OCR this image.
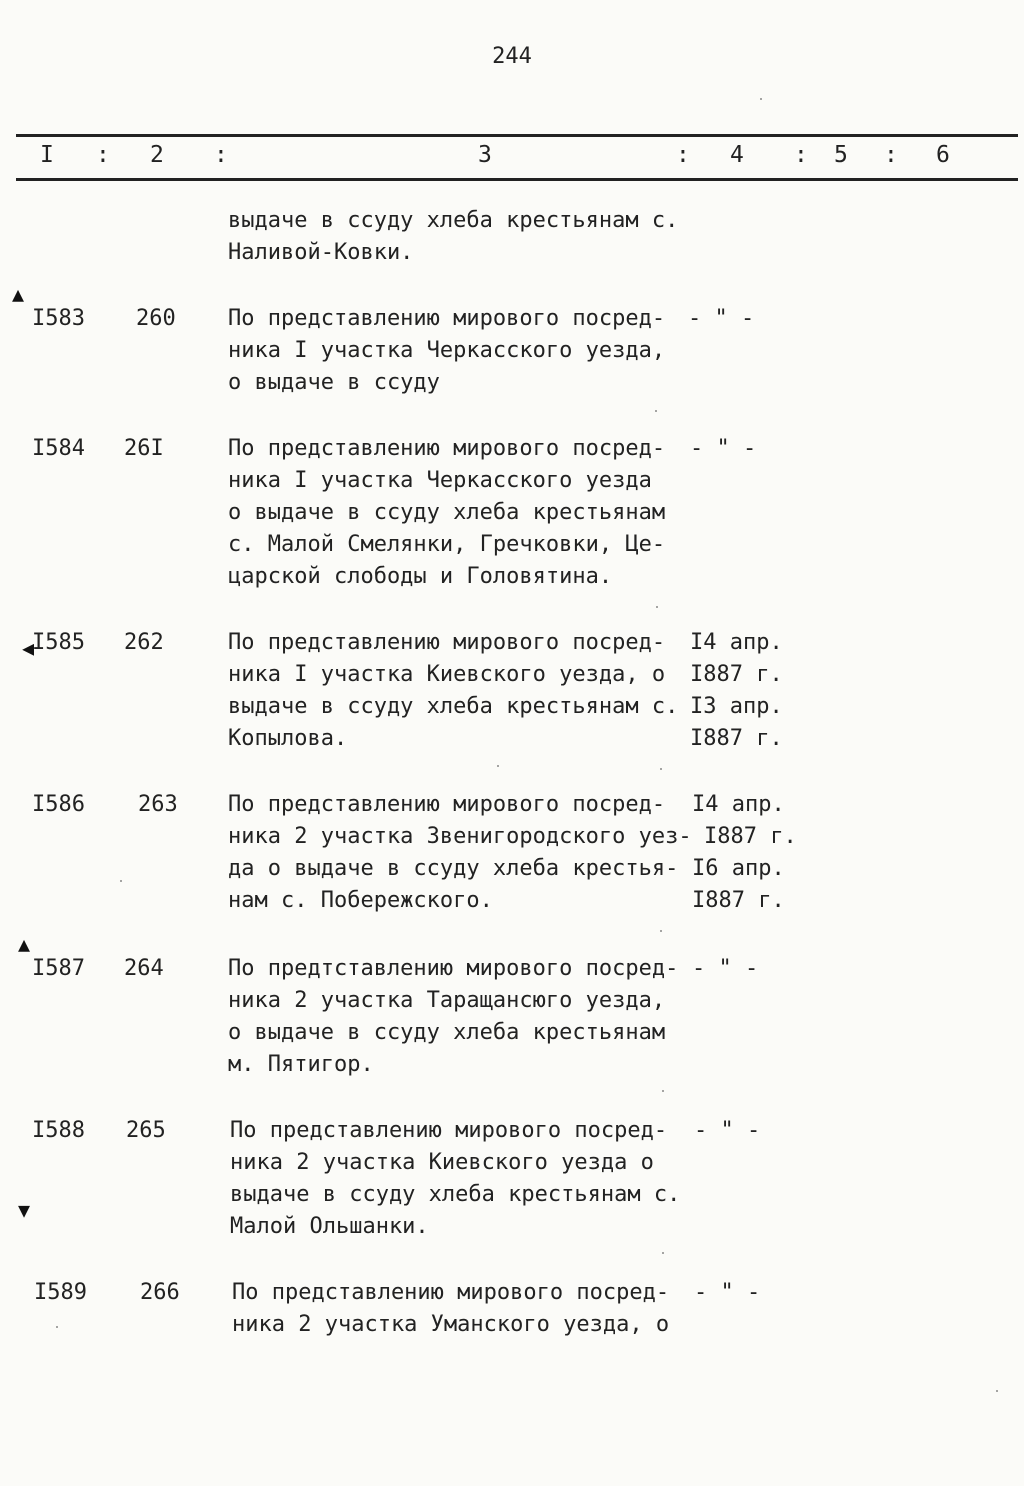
244
I : 2 :	3	: 4 : 5 : 6
выдаче в ссуду хлеба крестьянам с.
Наливой-Ковки.
I583 260 По представлению мирового посред-
ника I участка Черкасского уезда,
о выдаче в ссуду
- " -
I584 26I	По представлению мирового посред-
ника I участка Черкасского уезда
о выдаче в ссуду хлеба крестьянам
с. Малой Смелянки, Гречковки, Це-
царской слободы и Головятина.
- " -
I585 262	По представлению мирового посред-
ника I участка Киевского уезда, о
выдаче в ссуду хлеба крестьянам с.
Копылова.
I4 апр.
I887 г.
I3 апр.
I887 г.
I586 263 По представлению мирового посред-
ника 2 участка Звенигородского уез-
да о выдаче в ссуду хлеба крестья-
нам с. Побережского.
I4 апр.
I887 г.
I6 апр.
I887 г.
I587 264	По предтставлению мирового посред-
ника 2 участка Таращансюго уезда,
о выдаче в ссуду хлеба крестьянам
м. Пятигор.
- " -
I588 265	По представлению мирового посред-
ника 2 участка Киевского уезда о
выдаче в ссуду хлеба крестьянам с.
Малой Ольшанки.
- " -
I589 266 По представлению мирового посред-
ника 2 участка Уманского уезда, о
- " -
▲
◀
▲
▼
